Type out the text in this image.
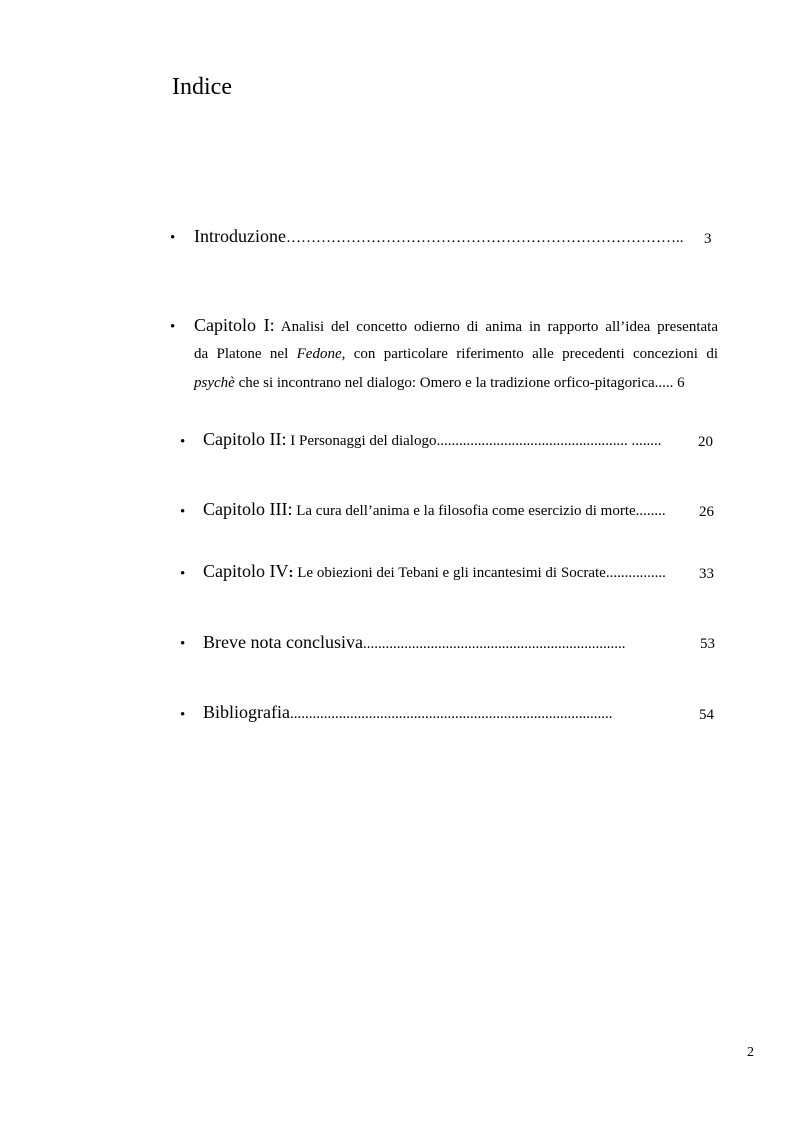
Indice
• Introduzione……………………………………………………………………..	3
• Capitolo I: Analisi del concetto odierno di anima in rapporto all’idea presentata
da Platone nel Fedone, con particolare riferimento alle precedenti concezioni di
psychè che si incontrano nel dialogo: Omero e la tradizione orfico-pitagorica..... 6
• Capitolo II: I Personaggi del dialogo................................................... ........ 20
• Capitolo III: La cura dell’anima e la filosofia come esercizio di morte........ 26
• Capitolo IV: Le obiezioni dei Tebani e gli incantesimi di Socrate................ 33
• Breve nota conclusiva......................................................................	53
• Bibliografia......................................................................................	54
2
